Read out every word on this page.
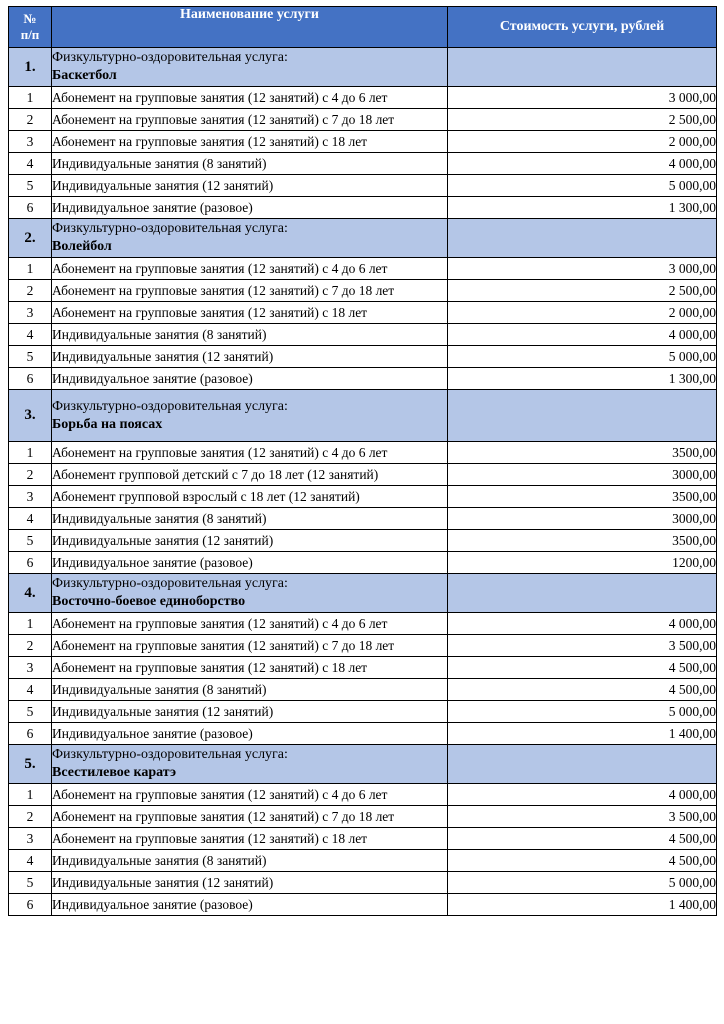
№
п/п	Наименование услуги	Стоимость услуги, рублей
1.	Физкультурно-оздоровительная услуга:
Баскетбол	

1	Абонемент на групповые занятия (12 занятий) с 4 до 6 лет	3 000,00
2	Абонемент на групповые занятия (12 занятий) с 7 до 18 лет	2 500,00
3	Абонемент на групповые занятия (12 занятий) с 18 лет	2 000,00
4	Индивидуальные занятия (8 занятий)	4 000,00
5	Индивидуальные занятия (12 занятий)	5 000,00
6	Индивидуальное занятие (разовое)	1 300,00
2.	Физкультурно-оздоровительная услуга:
Волейбол	

1	Абонемент на групповые занятия (12 занятий) с 4 до 6 лет	3 000,00
2	Абонемент на групповые занятия (12 занятий) с 7 до 18 лет	2 500,00
3	Абонемент на групповые занятия (12 занятий) с 18 лет	2 000,00
4	Индивидуальные занятия (8 занятий)	4 000,00
5	Индивидуальные занятия (12 занятий)	5 000,00
6	Индивидуальное занятие (разовое)	1 300,00
3.	Физкультурно-оздоровительная услуга:
Борьба на поясах	

1	Абонемент на групповые занятия (12 занятий) с 4 до 6 лет	3500,00
2	Абонемент групповой детский с 7 до 18 лет (12 занятий)	3000,00
3	Абонемент групповой взрослый с 18 лет (12 занятий)	3500,00
4	Индивидуальные занятия (8 занятий)	3000,00
5	Индивидуальные занятия (12 занятий)	3500,00
6	Индивидуальное занятие (разовое)	1200,00
4.	Физкультурно-оздоровительная услуга:
Восточно-боевое единоборство	

1	Абонемент на групповые занятия (12 занятий) с 4 до 6 лет	4 000,00
2	Абонемент на групповые занятия (12 занятий) с 7 до 18 лет	3 500,00
3	Абонемент на групповые занятия (12 занятий) с 18 лет	4 500,00
4	Индивидуальные занятия (8 занятий)	4 500,00
5	Индивидуальные занятия (12 занятий)	5 000,00
6	Индивидуальное занятие (разовое)	1 400,00
5.	Физкультурно-оздоровительная услуга:
Всестилевое каратэ	

1	Абонемент на групповые занятия (12 занятий) с 4 до 6 лет	4 000,00
2	Абонемент на групповые занятия (12 занятий) с 7 до 18 лет	3 500,00
3	Абонемент на групповые занятия (12 занятий) с 18 лет	4 500,00
4	Индивидуальные занятия (8 занятий)	4 500,00
5	Индивидуальные занятия (12 занятий)	5 000,00
6	Индивидуальное занятие (разовое)	1 400,00
